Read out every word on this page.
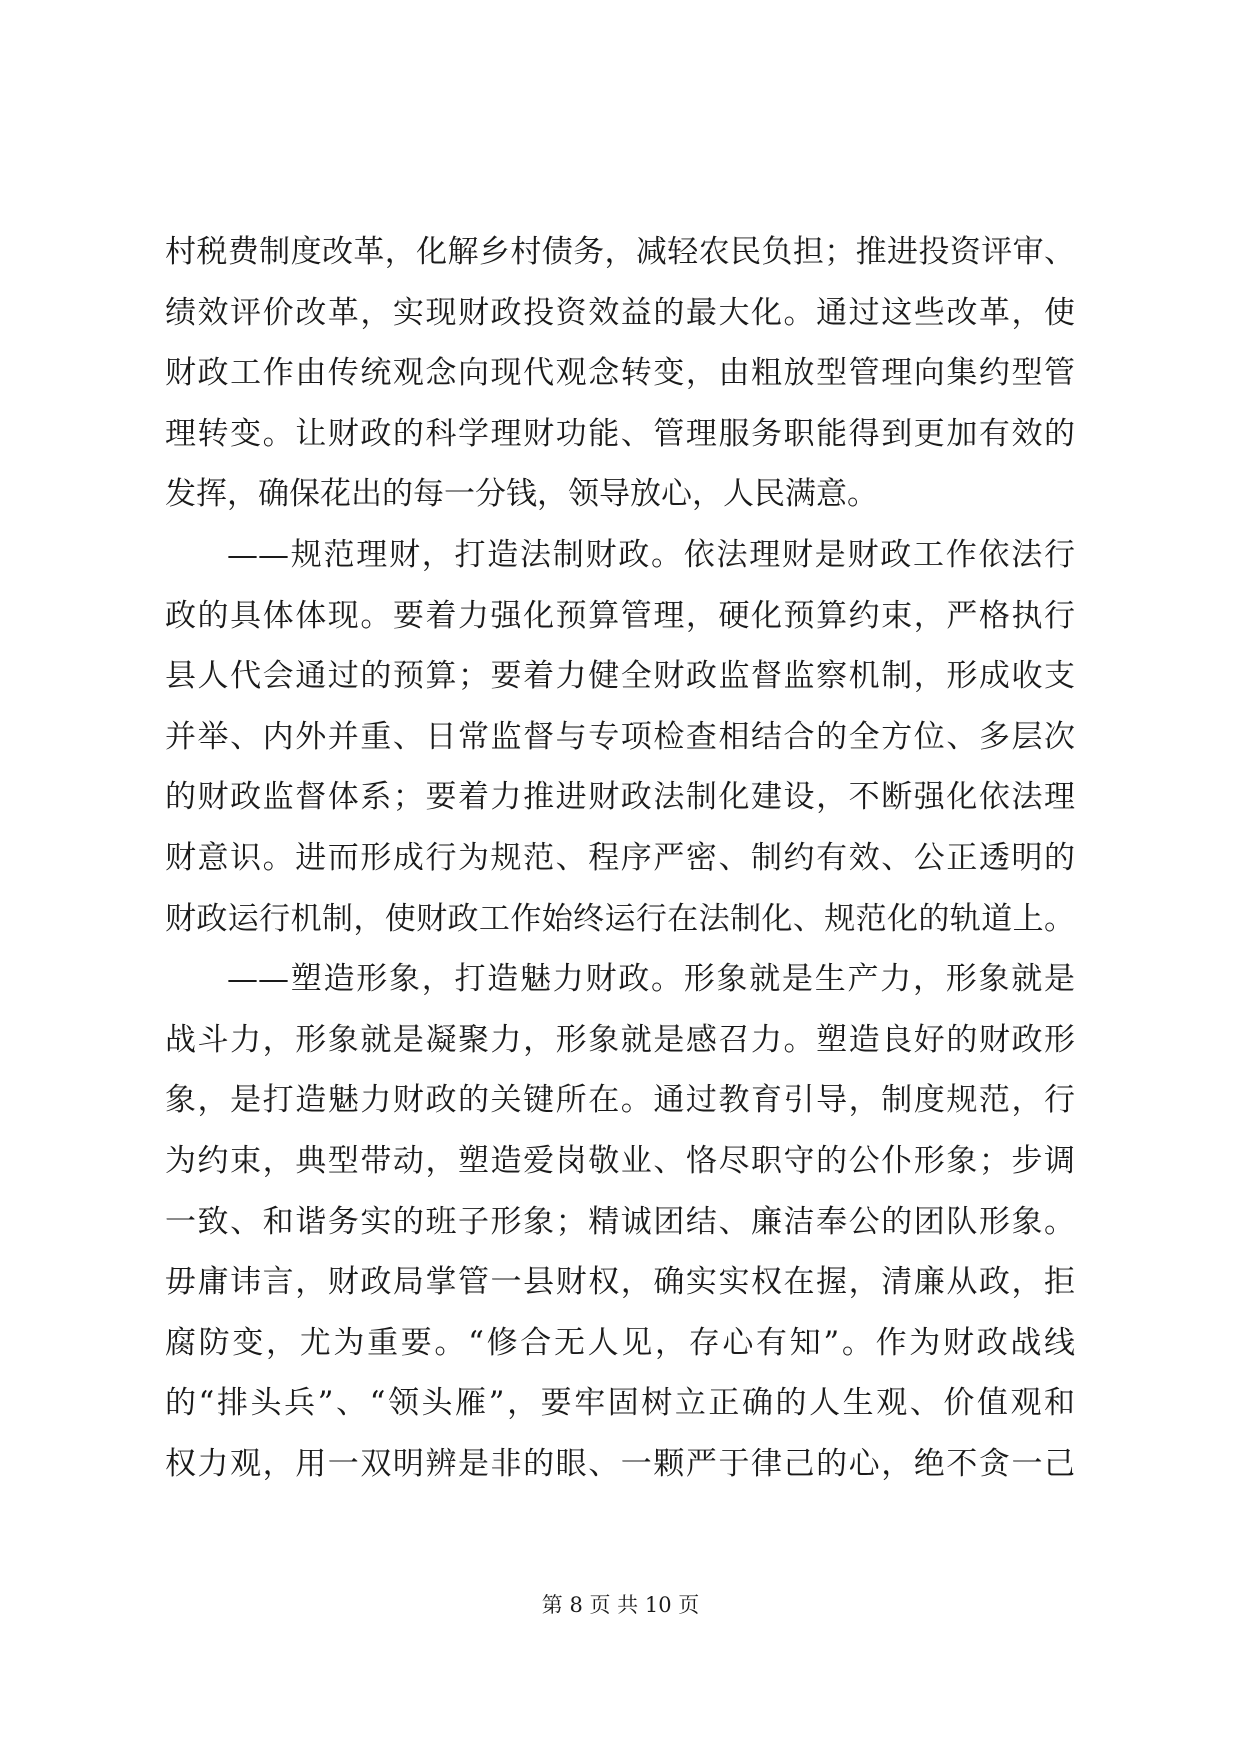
村税费制度改革，化解乡村债务，减轻农民负担；推进投资评审、
绩效评价改革，实现财政投资效益的最大化。通过这些改革，使
财政工作由传统观念向现代观念转变，由粗放型管理向集约型管
理转变。让财政的科学理财功能、管理服务职能得到更加有效的
发挥，确保花出的每一分钱，领导放心，人民满意。
——规范理财，打造法制财政。依法理财是财政工作依法行
政的具体体现。要着力强化预算管理，硬化预算约束，严格执行
县人代会通过的预算；要着力健全财政监督监察机制，形成收支
并举、内外并重、日常监督与专项检查相结合的全方位、多层次
的财政监督体系；要着力推进财政法制化建设，不断强化依法理
财意识。进而形成行为规范、程序严密、制约有效、公正透明的
财政运行机制，使财政工作始终运行在法制化、规范化的轨道上。
——塑造形象，打造魅力财政。形象就是生产力，形象就是
战斗力，形象就是凝聚力，形象就是感召力。塑造良好的财政形
象，是打造魅力财政的关键所在。通过教育引导，制度规范，行
为约束，典型带动，塑造爱岗敬业、恪尽职守的公仆形象；步调
一致、和谐务实的班子形象；精诚团结、廉洁奉公的团队形象。
毋庸讳言，财政局掌管一县财权，确实实权在握，清廉从政，拒
腐防变，尤为重要。“修合无人见，存心有知”。作为财政战线
的“排头兵”、“领头雁”，要牢固树立正确的人生观、价值观和
权力观，用一双明辨是非的眼、一颗严于律己的心，绝不贪一己
第 8 页 共 10 页
